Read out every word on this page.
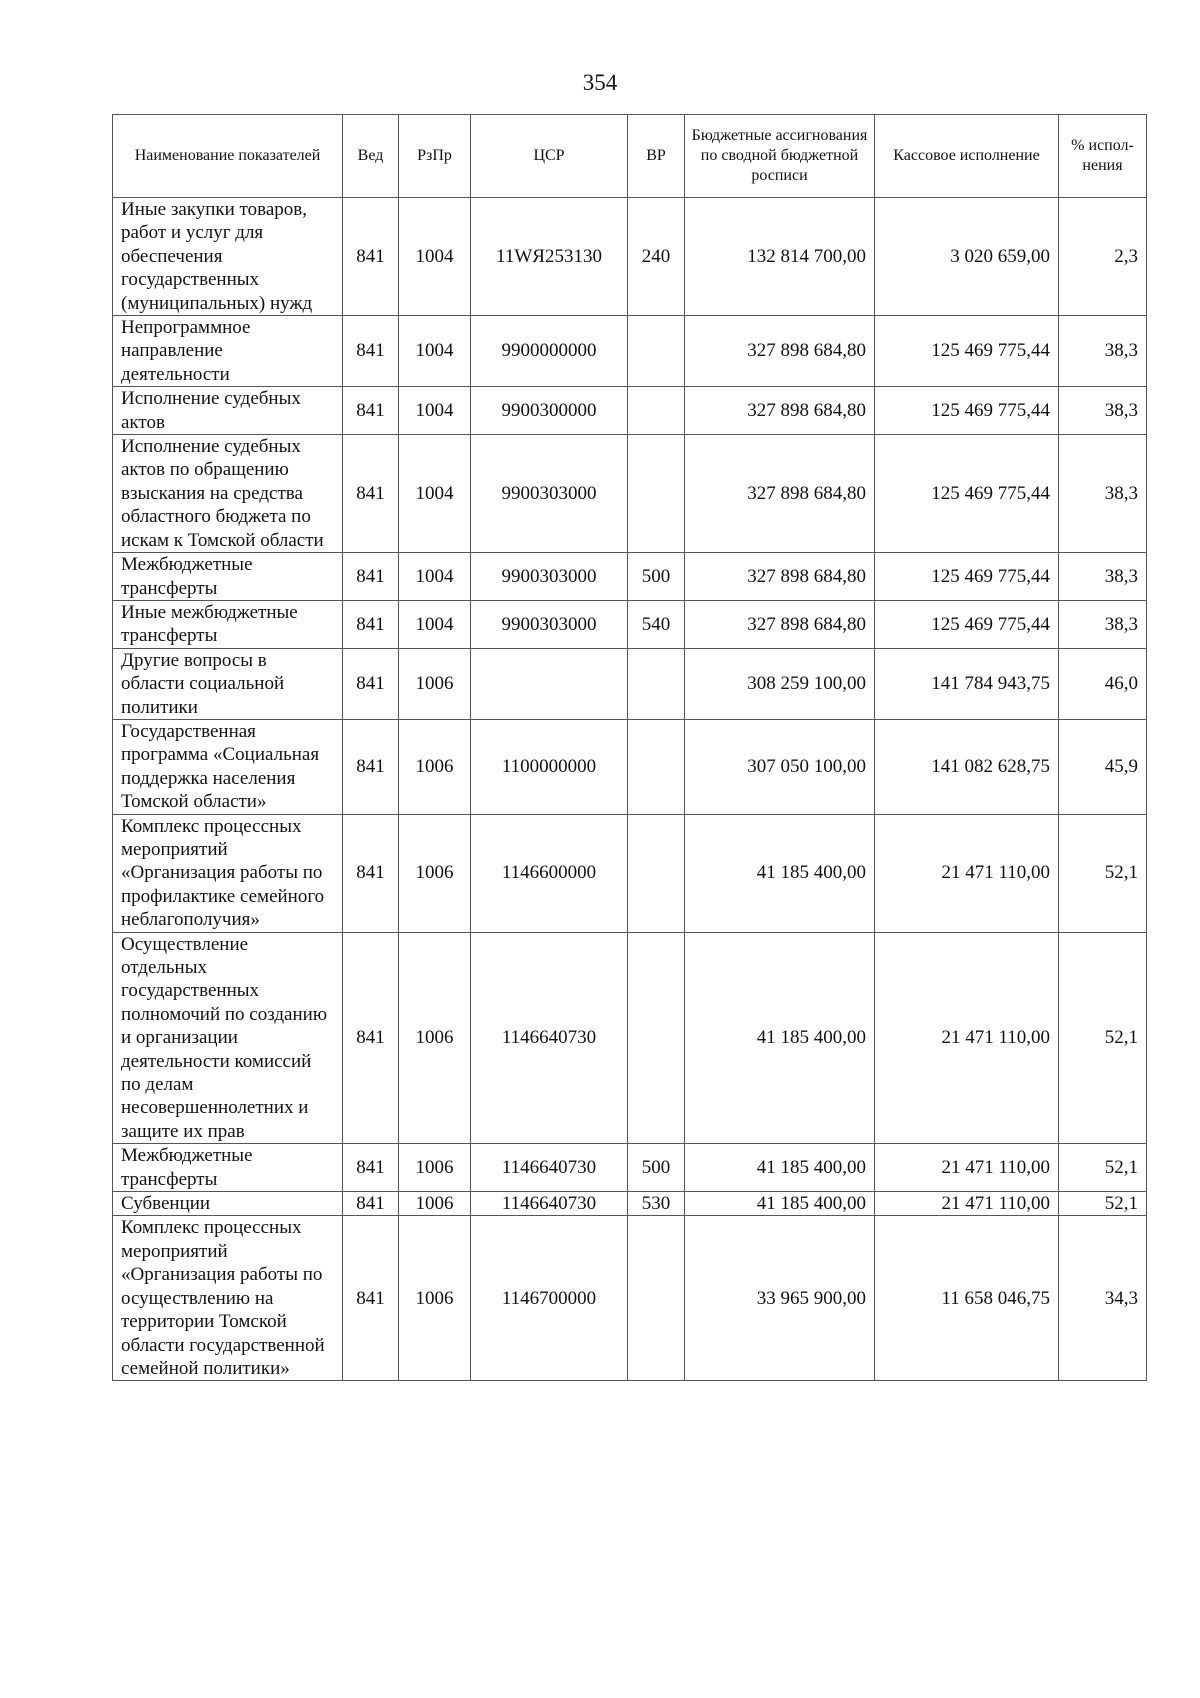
354
Наименование показателей	Вед	РзПр	ЦСР	ВР	Бюджетные ассигнования по сводной бюджетной росписи	Кассовое исполнение	% испол-нения
Иные закупки товаров, работ и услуг для обеспечения государственных (муниципальных) нужд	841	1004	11WЯ253130	240	132 814 700,00	3 020 659,00	2,3
Непрограммное направление деятельности	841	1004	9900000000		327 898 684,80	125 469 775,44	38,3
Исполнение судебных актов	841	1004	9900300000		327 898 684,80	125 469 775,44	38,3
Исполнение судебных актов по обращению взыскания на средства областного бюджета по искам к Томской области	841	1004	9900303000		327 898 684,80	125 469 775,44	38,3
Межбюджетные трансферты	841	1004	9900303000	500	327 898 684,80	125 469 775,44	38,3
Иные межбюджетные трансферты	841	1004	9900303000	540	327 898 684,80	125 469 775,44	38,3
Другие вопросы в области социальной политики	841	1006			308 259 100,00	141 784 943,75	46,0
Государственная программа «Социальная поддержка населения Томской области»	841	1006	1100000000		307 050 100,00	141 082 628,75	45,9
Комплекс процессных мероприятий «Организация работы по профилактике семейного неблагополучия»	841	1006	1146600000		41 185 400,00	21 471 110,00	52,1
Осуществление отдельных государственных полномочий по созданию и организации деятельности комиссий по делам несовершеннолетних и защите их прав	841	1006	1146640730		41 185 400,00	21 471 110,00	52,1
Межбюджетные трансферты	841	1006	1146640730	500	41 185 400,00	21 471 110,00	52,1
Субвенции	841	1006	1146640730	530	41 185 400,00	21 471 110,00	52,1
Комплекс процессных мероприятий «Организация работы по осуществлению на территории Томской области государственной семейной политики»	841	1006	1146700000		33 965 900,00	11 658 046,75	34,3
